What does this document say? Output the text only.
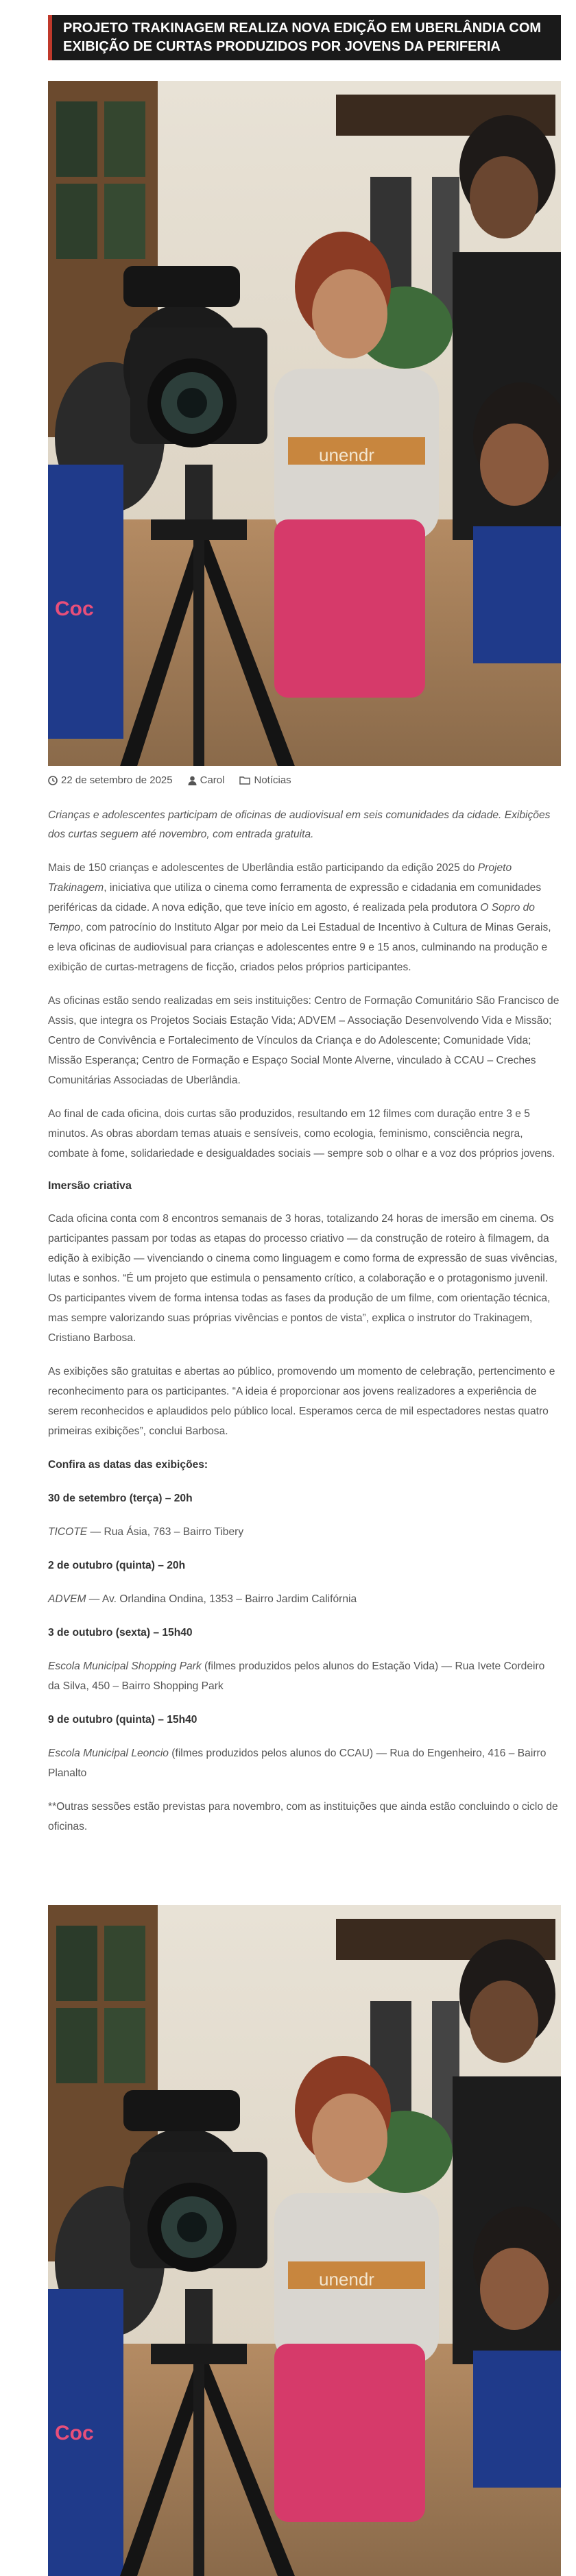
PROJETO TRAKINAGEM REALIZA NOVA EDIÇÃO EM UBERLÂNDIA COM EXIBIÇÃO DE CURTAS PRODUZIDOS POR JOVENS DA PERIFERIA
Coc
unendr
22 de setembro de 2025	Carol	Notícias

Crianças e adolescentes participam de oficinas de audiovisual em seis comunidades da cidade. Exibições dos curtas seguem até novembro, com entrada gratuita.

Mais de 150 crianças e adolescentes de Uberlândia estão participando da edição 2025 do Projeto Trakinagem, iniciativa que utiliza o cinema como ferramenta de expressão e cidadania em comunidades periféricas da cidade. A nova edição, que teve início em agosto, é realizada pela produtora O Sopro do Tempo, com patrocínio do Instituto Algar por meio da Lei Estadual de Incentivo à Cultura de Minas Gerais, e leva oficinas de audiovisual para crianças e adolescentes entre 9 e 15 anos, culminando na produção e exibição de curtas-metragens de ficção, criados pelos próprios participantes.

As oficinas estão sendo realizadas em seis instituições: Centro de Formação Comunitário São Francisco de Assis, que integra os Projetos Sociais Estação Vida; ADVEM – Associação Desenvolvendo Vida e Missão; Centro de Convivência e Fortalecimento de Vínculos da Criança e do Adolescente; Comunidade Vida; Missão Esperança; Centro de Formação e Espaço Social Monte Alverne, vinculado à CCAU – Creches Comunitárias Associadas de Uberlândia.

Ao final de cada oficina, dois curtas são produzidos, resultando em 12 filmes com duração entre 3 e 5 minutos. As obras abordam temas atuais e sensíveis, como ecologia, feminismo, consciência negra, combate à fome, solidariedade e desigualdades sociais — sempre sob o olhar e a voz dos próprios jovens.

Imersão criativa

Cada oficina conta com 8 encontros semanais de 3 horas, totalizando 24 horas de imersão em cinema. Os participantes passam por todas as etapas do processo criativo — da construção de roteiro à filmagem, da edição à exibição — vivenciando o cinema como linguagem e como forma de expressão de suas vivências, lutas e sonhos. “É um projeto que estimula o pensamento crítico, a colaboração e o protagonismo juvenil. Os participantes vivem de forma intensa todas as fases da produção de um filme, com orientação técnica, mas sempre valorizando suas próprias vivências e pontos de vista”, explica o instrutor do Trakinagem, Cristiano Barbosa.

As exibições são gratuitas e abertas ao público, promovendo um momento de celebração, pertencimento e reconhecimento para os participantes. “A ideia é proporcionar aos jovens realizadores a experiência de serem reconhecidos e aplaudidos pelo público local. Esperamos cerca de mil espectadores nestas quatro primeiras exibições”, conclui Barbosa.

Confira as datas das exibições:

30 de setembro (terça) – 20h

TICOTE — Rua Ásia, 763 – Bairro Tibery

2 de outubro (quinta) – 20h

ADVEM — Av. Orlandina Ondina, 1353 – Bairro Jardim Califórnia

3 de outubro (sexta) – 15h40

Escola Municipal Shopping Park (filmes produzidos pelos alunos do Estação Vida) — Rua Ivete Cordeiro da Silva, 450 – Bairro Shopping Park

9 de outubro (quinta) – 15h40

Escola Municipal Leoncio (filmes produzidos pelos alunos do CCAU) — Rua do Engenheiro, 416 – Bairro Planalto

**Outras sessões estão previstas para novembro, com as instituições que ainda estão concluindo o ciclo de oficinas.

Coc
unendr
